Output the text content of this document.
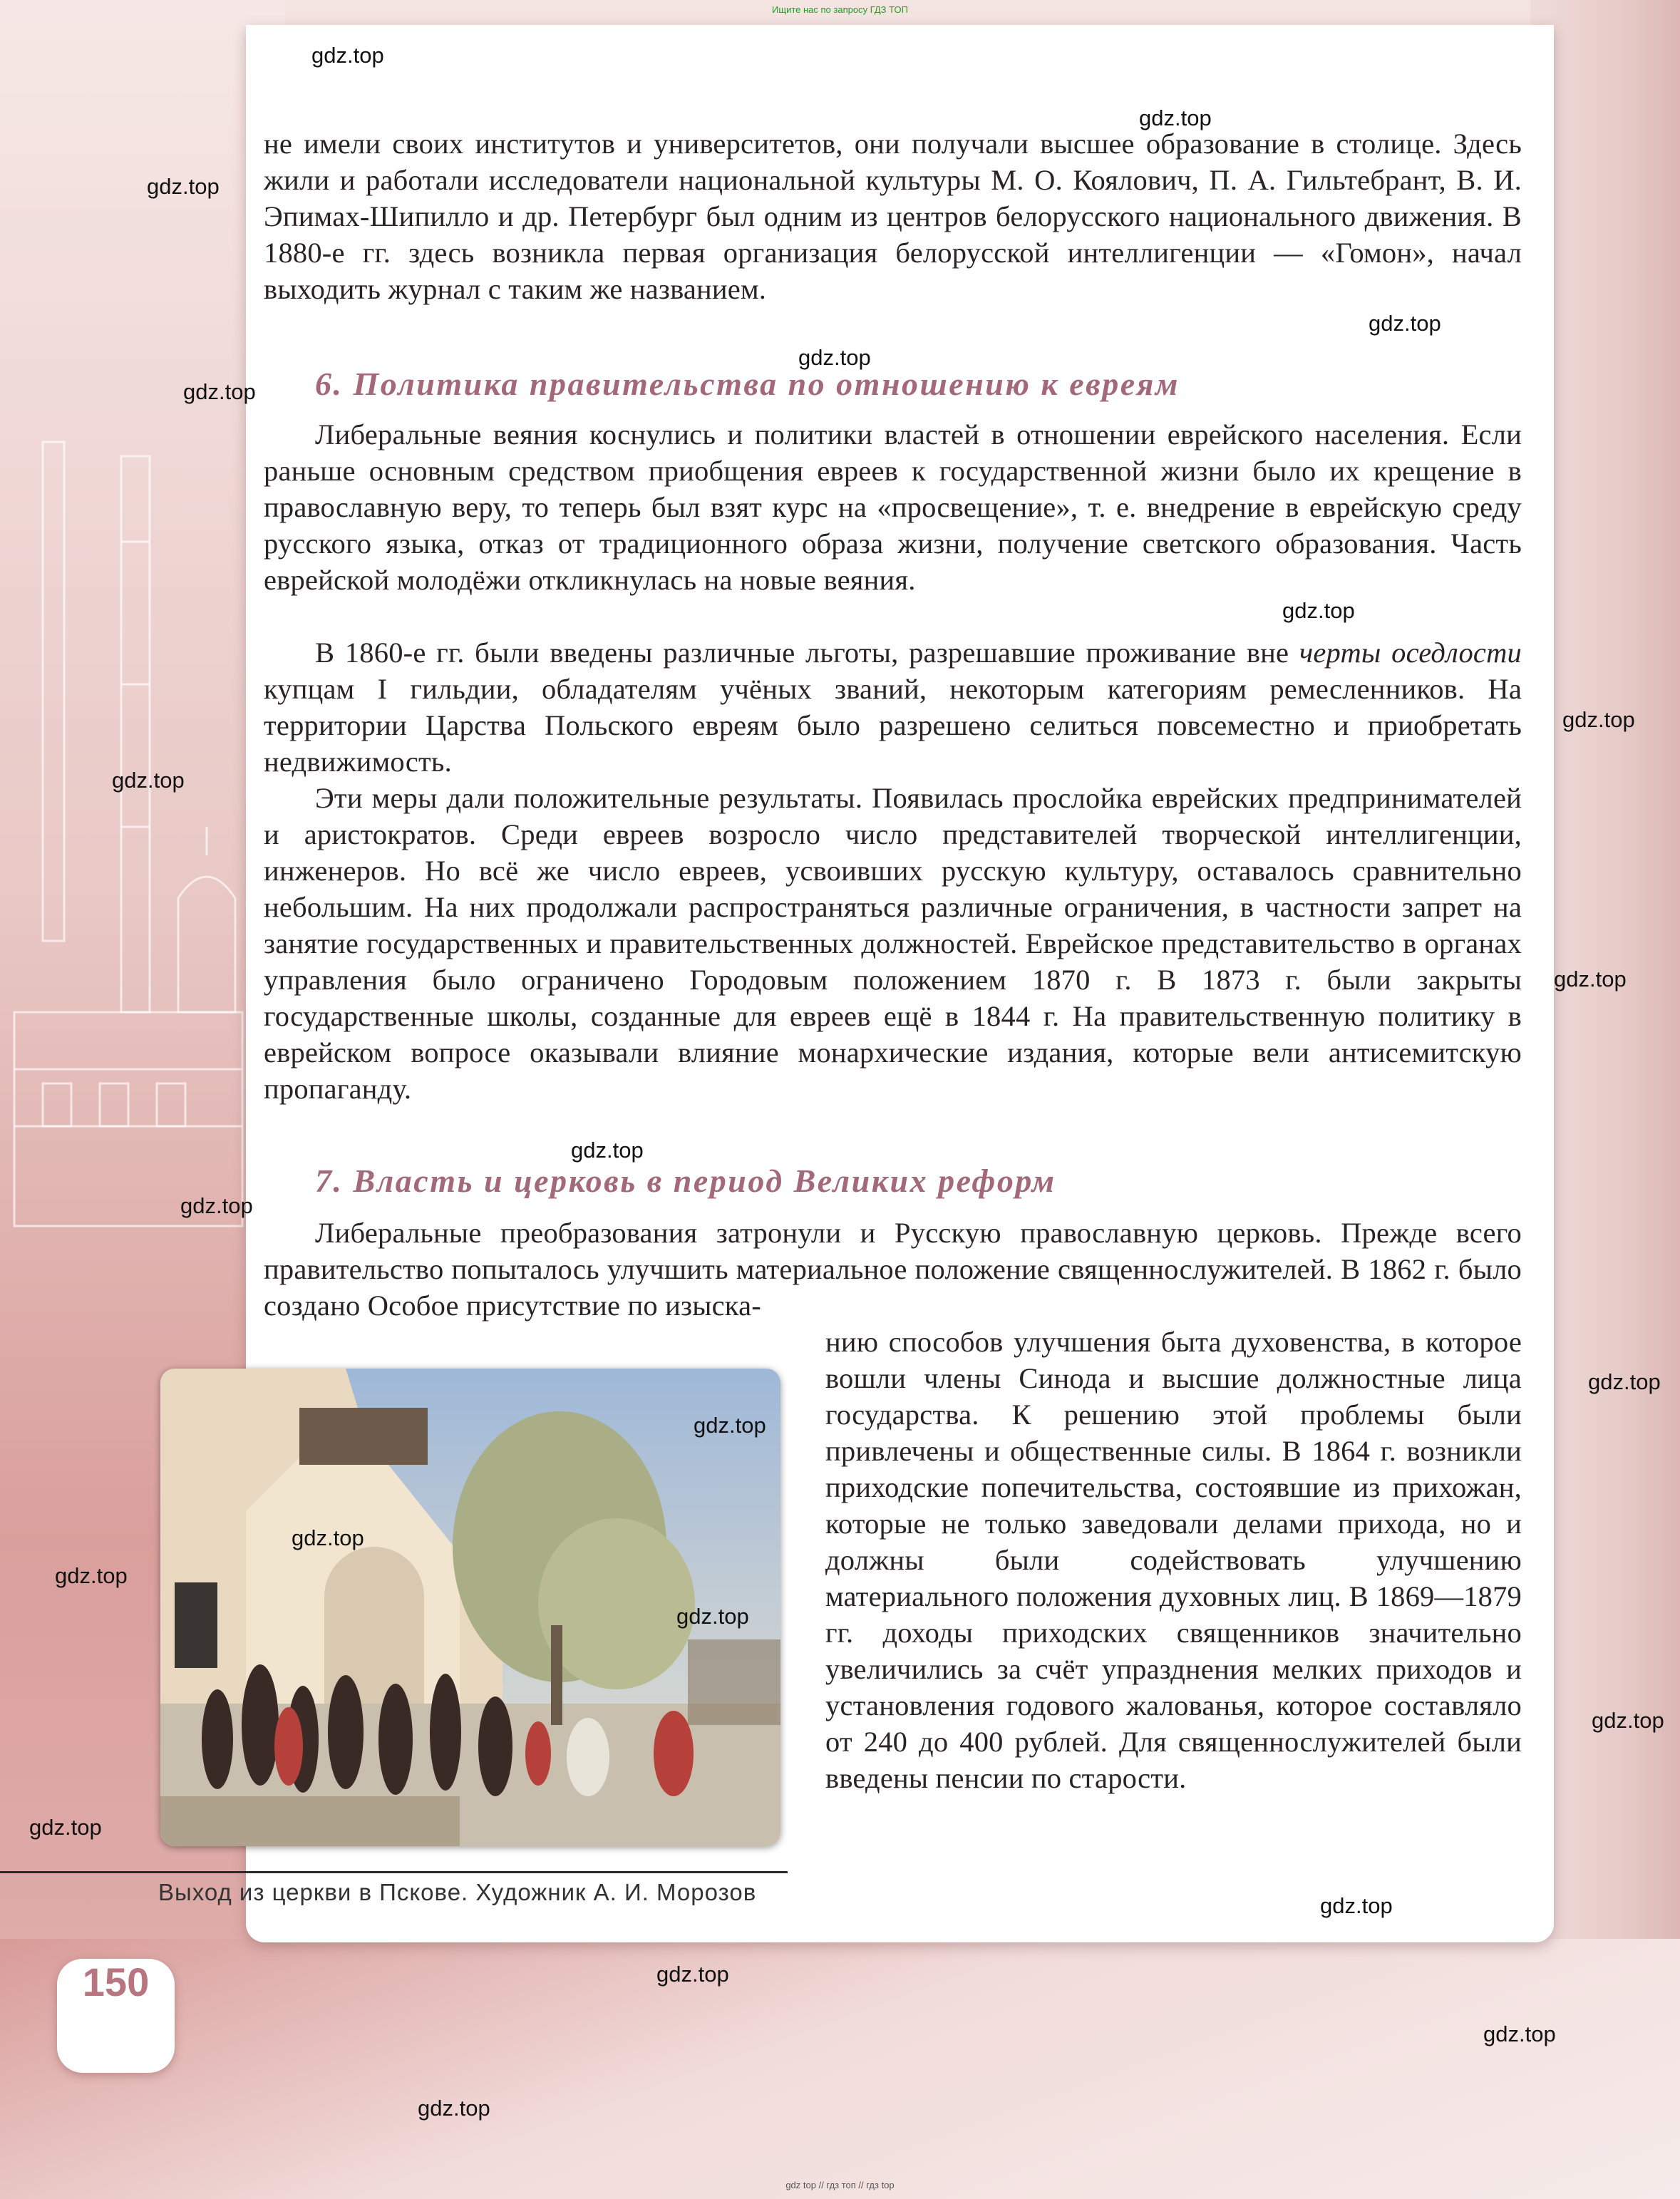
Ищите нас по запросу ГДЗ ТОП
не имели своих институтов и университетов, они получали высшее образование в столице. Здесь жили и работали исследователи национальной культуры М. О. Коялович, П. А. Гильтебрант, В. И. Эпимах-Шипилло и др. Петербург был одним из центров белорусского национального движения. В 1880-е гг. здесь возникла первая организация белорусской интеллигенции — «Гомон», начал выходить журнал с таким же названием.
6. Политика правительства по отношению к евреям
Либеральные веяния коснулись и политики властей в отношении еврейского населения. Если раньше основным средством приобщения евреев к государственной жизни было их крещение в православную веру, то теперь был взят курс на «просвещение», т. е. внедрение в еврейскую среду русского языка, отказ от традиционного образа жизни, получение светского образования. Часть еврейской молодёжи откликнулась на новые веяния.
В 1860-е гг. были введены различные льготы, разрешавшие проживание вне черты оседлости купцам I гильдии, обладателям учёных званий, некоторым категориям ремесленников. На территории Царства Польского евреям было разрешено селиться повсеместно и приобретать недвижимость.
Эти меры дали положительные результаты. Появилась прослойка еврейских предпринимателей и аристократов. Среди евреев возросло число представителей творческой интеллигенции, инженеров. Но всё же число евреев, усвоивших русскую культуру, оставалось сравнительно небольшим. На них продолжали распространяться различные ограничения, в частности запрет на занятие государственных и правительственных должностей. Еврейское представительство в органах управления было ограничено Городовым положением 1870 г. В 1873 г. были закрыты государственные школы, созданные для евреев ещё в 1844 г. На правительственную политику в еврейском вопросе оказывали влияние монархические издания, которые вели антисемитскую пропаганду.
7. Власть и церковь в период Великих реформ
Либеральные преобразования затронули и Русскую православную церковь. Прежде всего правительство попыталось улучшить материальное положение священнослужителей. В 1862 г. было создано Особое присутствие по изыска-
нию способов улучшения быта духовенства, в которое вошли члены Синода и высшие должностные лица государства. К решению этой проблемы были привлечены и общественные силы. В 1864 г. возникли приходские попечительства, состоявшие из прихожан, которые не только заведовали делами прихода, но и должны были содействовать улучшению материального положения духовных лиц. В 1869—1879 гг. доходы приходских священников значительно увеличились за счёт упразднения мелких приходов и установления годового жалованья, которое составляло от 240 до 400 рублей. Для священнослужителей были введены пенсии по старости.
Выход из церкви в Пскове. Художник А. И. Морозов
150
gdz.top
gdz.top
gdz.top
gdz.top
gdz.top
gdz.top
gdz.top
gdz.top
gdz.top
gdz.top
gdz.top
gdz.top
gdz.top
gdz.top
gdz.top
gdz.top
gdz.top
gdz.top
gdz.top
gdz.top
gdz.top
gdz.top
gdz.top
gdz top // гдз топ // гдз top
